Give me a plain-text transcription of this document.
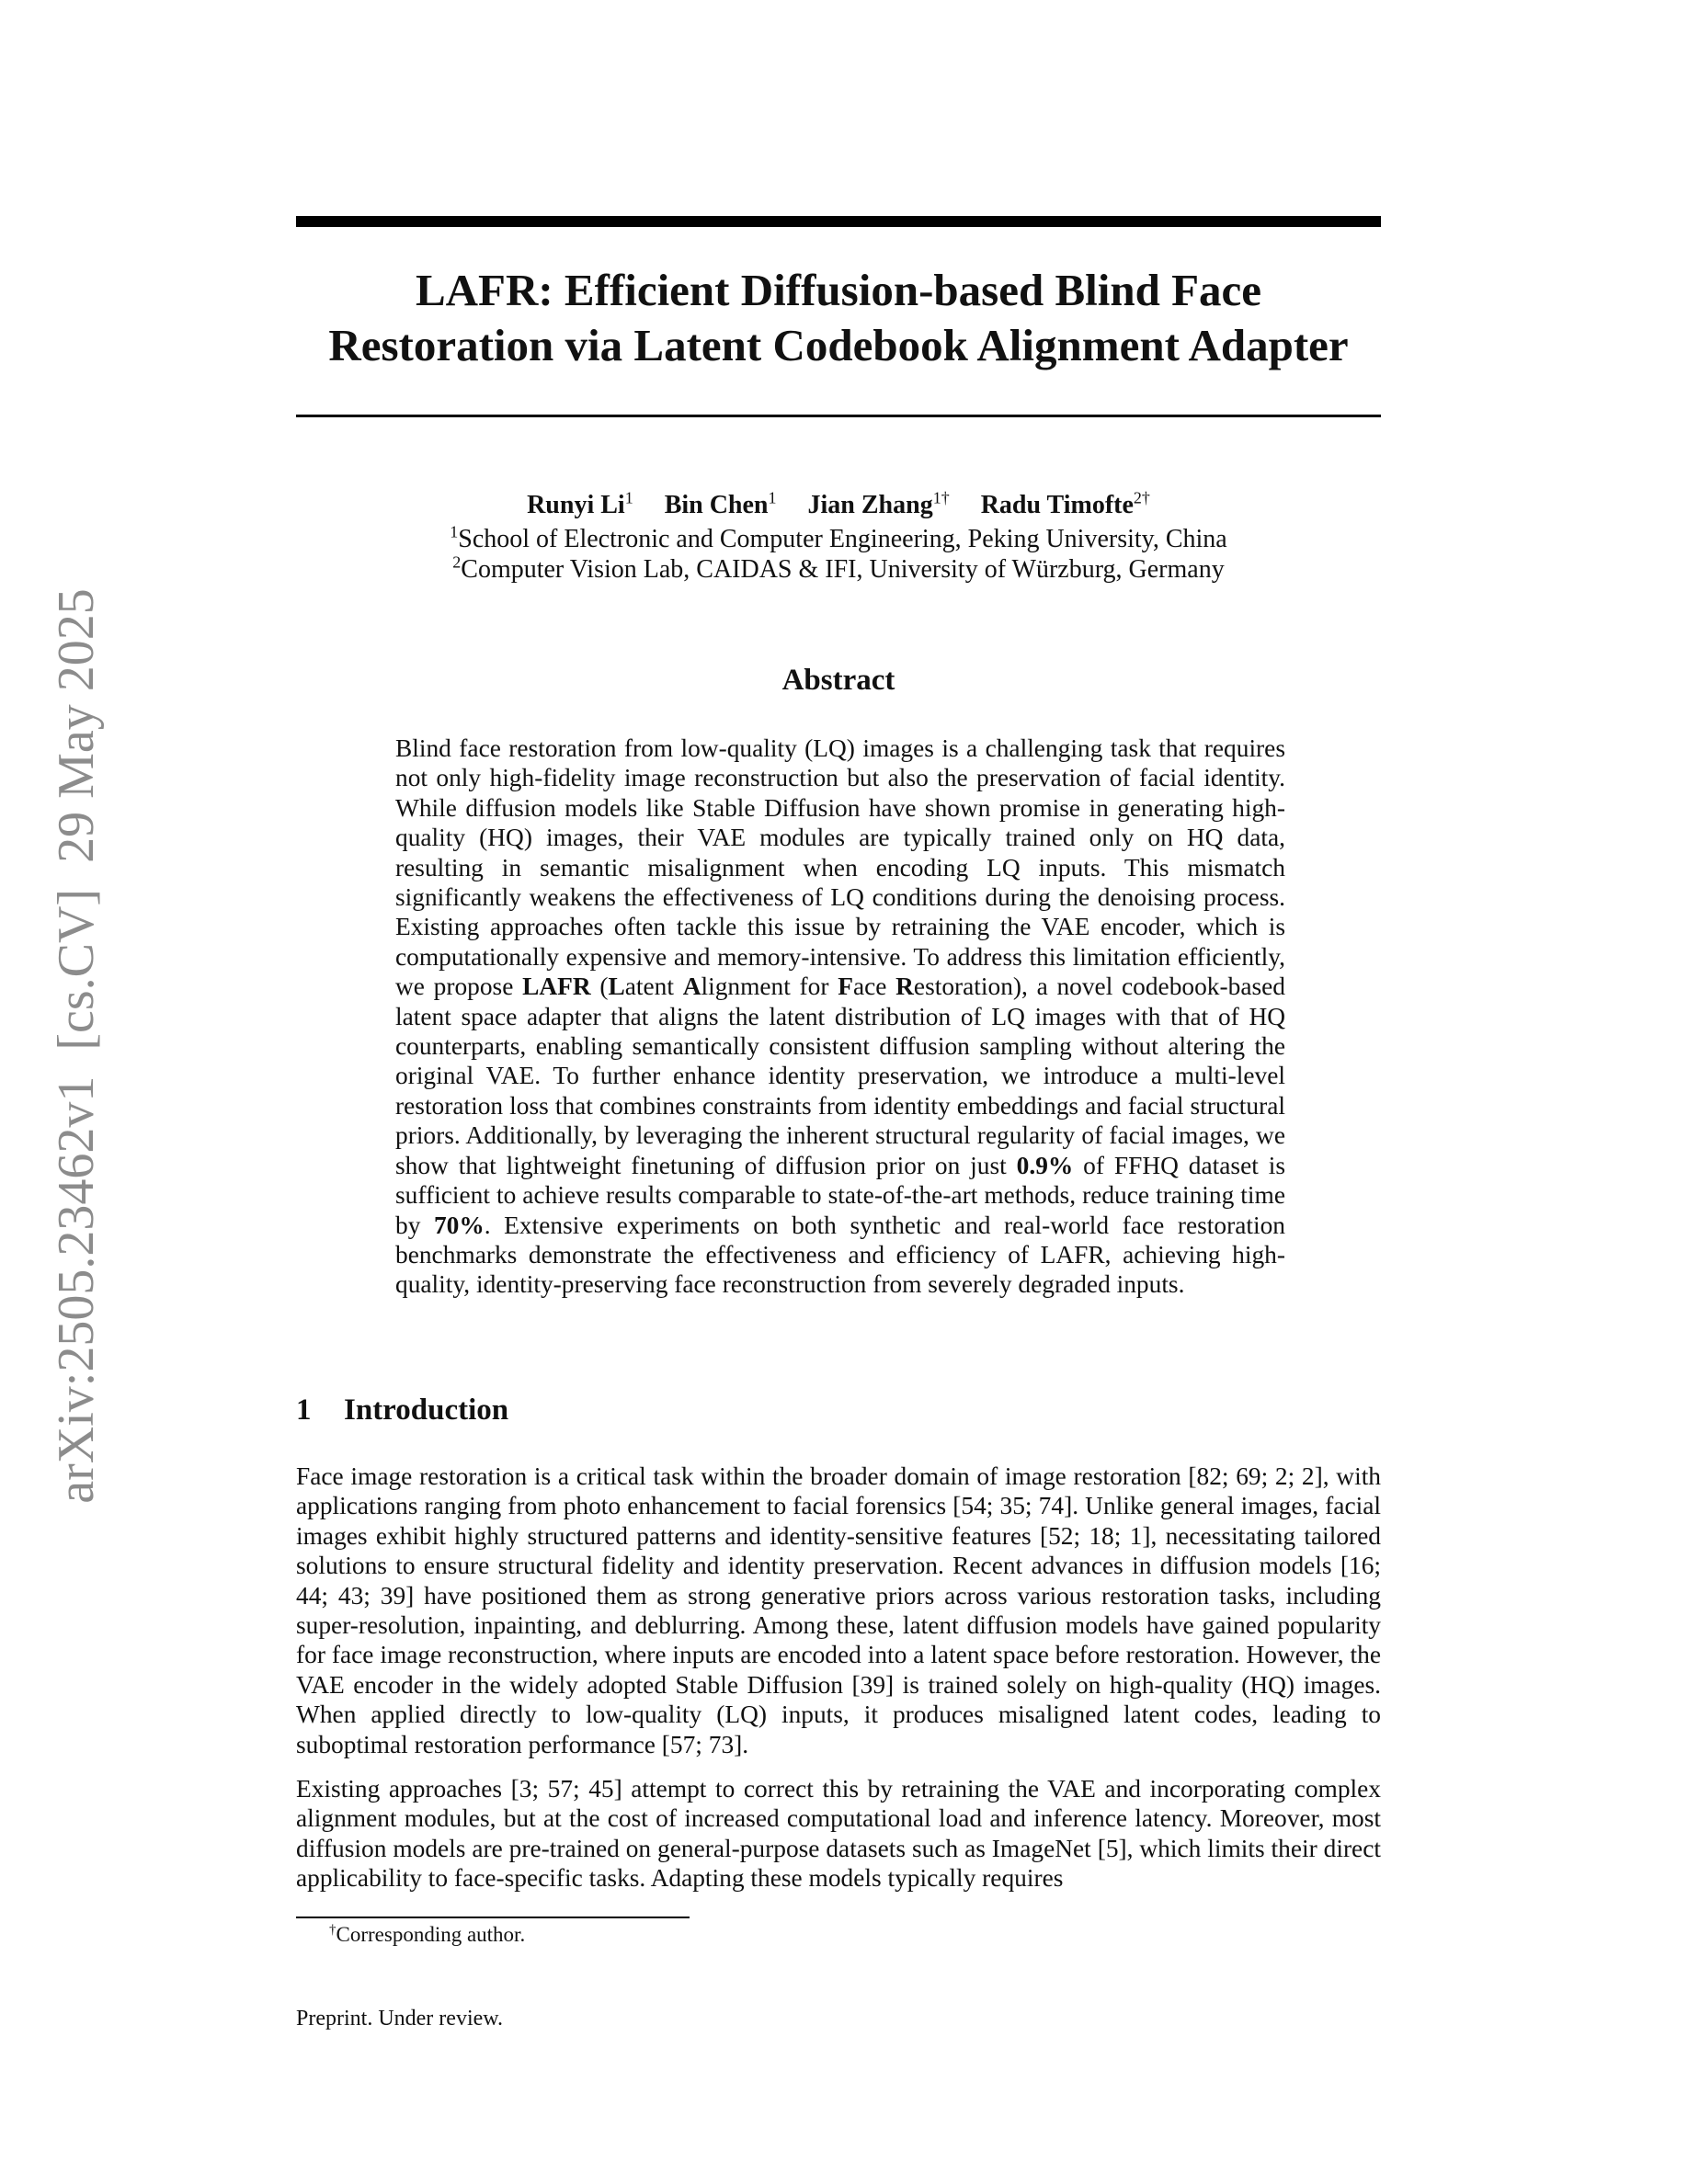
arXiv:2505.23462v1[cs.CV]29 May 2025
LAFR: Efficient Diffusion-based Blind Face
Restoration via Latent Codebook Alignment Adapter
Runyi Li$^1$ Bin Chen$^1$ Jian Zhang$^{1\dagger}$ Radu Timofte$^{2\dagger}$
$^1$School of Electronic and Computer Engineering, Peking University, China
$^2$Computer Vision Lab, CAIDAS & IFI, University of Würzburg, Germany
Abstract

Blind face restoration from low-quality (LQ) images is a challenging task that requires not only high-fidelity image reconstruction but also the preservation of facial identity. While diffusion models like Stable Diffusion have shown promise in generating high-quality (HQ) images, their VAE modules are typically trained only on HQ data, resulting in semantic misalignment when encoding LQ inputs. This mismatch significantly weakens the effectiveness of LQ conditions during the denoising process. Existing approaches often tackle this issue by retraining the VAE encoder, which is computationally expensive and memory-intensive. To address this limitation efficiently, we propose LAFR (Latent Alignment for Face Restoration), a novel codebook-based latent space adapter that aligns the latent distribution of LQ images with that of HQ counterparts, enabling semantically consistent diffusion sampling without altering the original VAE. To further enhance identity preservation, we introduce a multi-level restoration loss that combines constraints from identity embeddings and facial structural priors. Additionally, by leveraging the inherent structural regularity of facial images, we show that lightweight finetuning of diffusion prior on just 0.9% of FFHQ dataset is sufficient to achieve results comparable to state-of-the-art methods, reduce training time by 70%. Extensive experiments on both synthetic and real-world face restoration benchmarks demonstrate the effectiveness and efficiency of LAFR, achieving high-quality, identity-preserving face reconstruction from severely degraded inputs.

1 Introduction

Face image restoration is a critical task within the broader domain of image restoration [82; 69; 2; 2], with applications ranging from photo enhancement to facial forensics [54; 35; 74]. Unlike general images, facial images exhibit highly structured patterns and identity-sensitive features [52; 18; 1], necessitating tailored solutions to ensure structural fidelity and identity preservation. Recent advances in diffusion models [16; 44; 43; 39] have positioned them as strong generative priors across various restoration tasks, including super-resolution, inpainting, and deblurring. Among these, latent diffusion models have gained popularity for face image reconstruction, where inputs are encoded into a latent space before restoration. However, the VAE encoder in the widely adopted Stable Diffusion [39] is trained solely on high-quality (HQ) images. When applied directly to low-quality (LQ) inputs, it produces misaligned latent codes, leading to suboptimal restoration performance [57; 73].

Existing approaches [3; 57; 45] attempt to correct this by retraining the VAE and incorporating complex alignment modules, but at the cost of increased computational load and inference latency. Moreover, most diffusion models are pre-trained on general-purpose datasets such as ImageNet [5], which limits their direct applicability to face-specific tasks. Adapting these models typically requires

†Corresponding author.
Preprint. Under review.
